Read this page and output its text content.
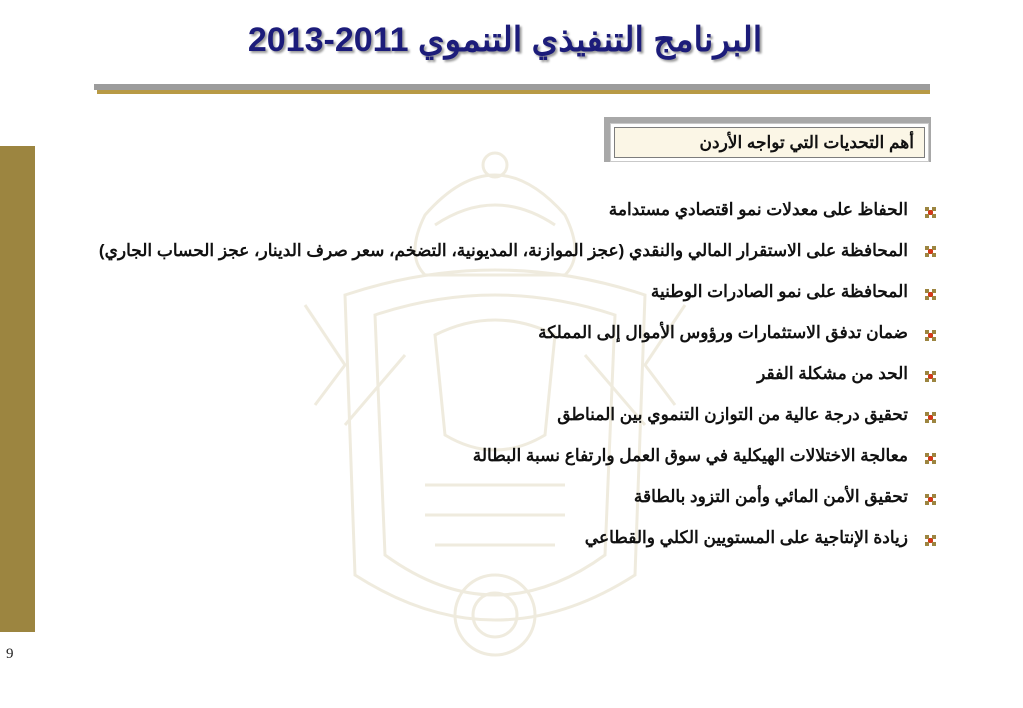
البرنامج التنفيذي التنموي 2011-2013
9
أهم التحديات التي تواجه الأردن
الحفاظ على معدلات نمو اقتصادي مستدامة
المحافظة على الاستقرار المالي والنقدي (عجز الموازنة، المديونية، التضخم، سعر صرف الدينار، عجز الحساب الجاري)
المحافظة على نمو الصادرات الوطنية
ضمان تدفق الاستثمارات ورؤوس الأموال إلى المملكة
الحد من مشكلة الفقر
تحقيق درجة عالية من التوازن التنموي بين المناطق
معالجة الاختلالات الهيكلية في سوق العمل وارتفاع نسبة البطالة
تحقيق الأمن المائي وأمن التزود بالطاقة
زيادة الإنتاجية على المستويين الكلي والقطاعي
